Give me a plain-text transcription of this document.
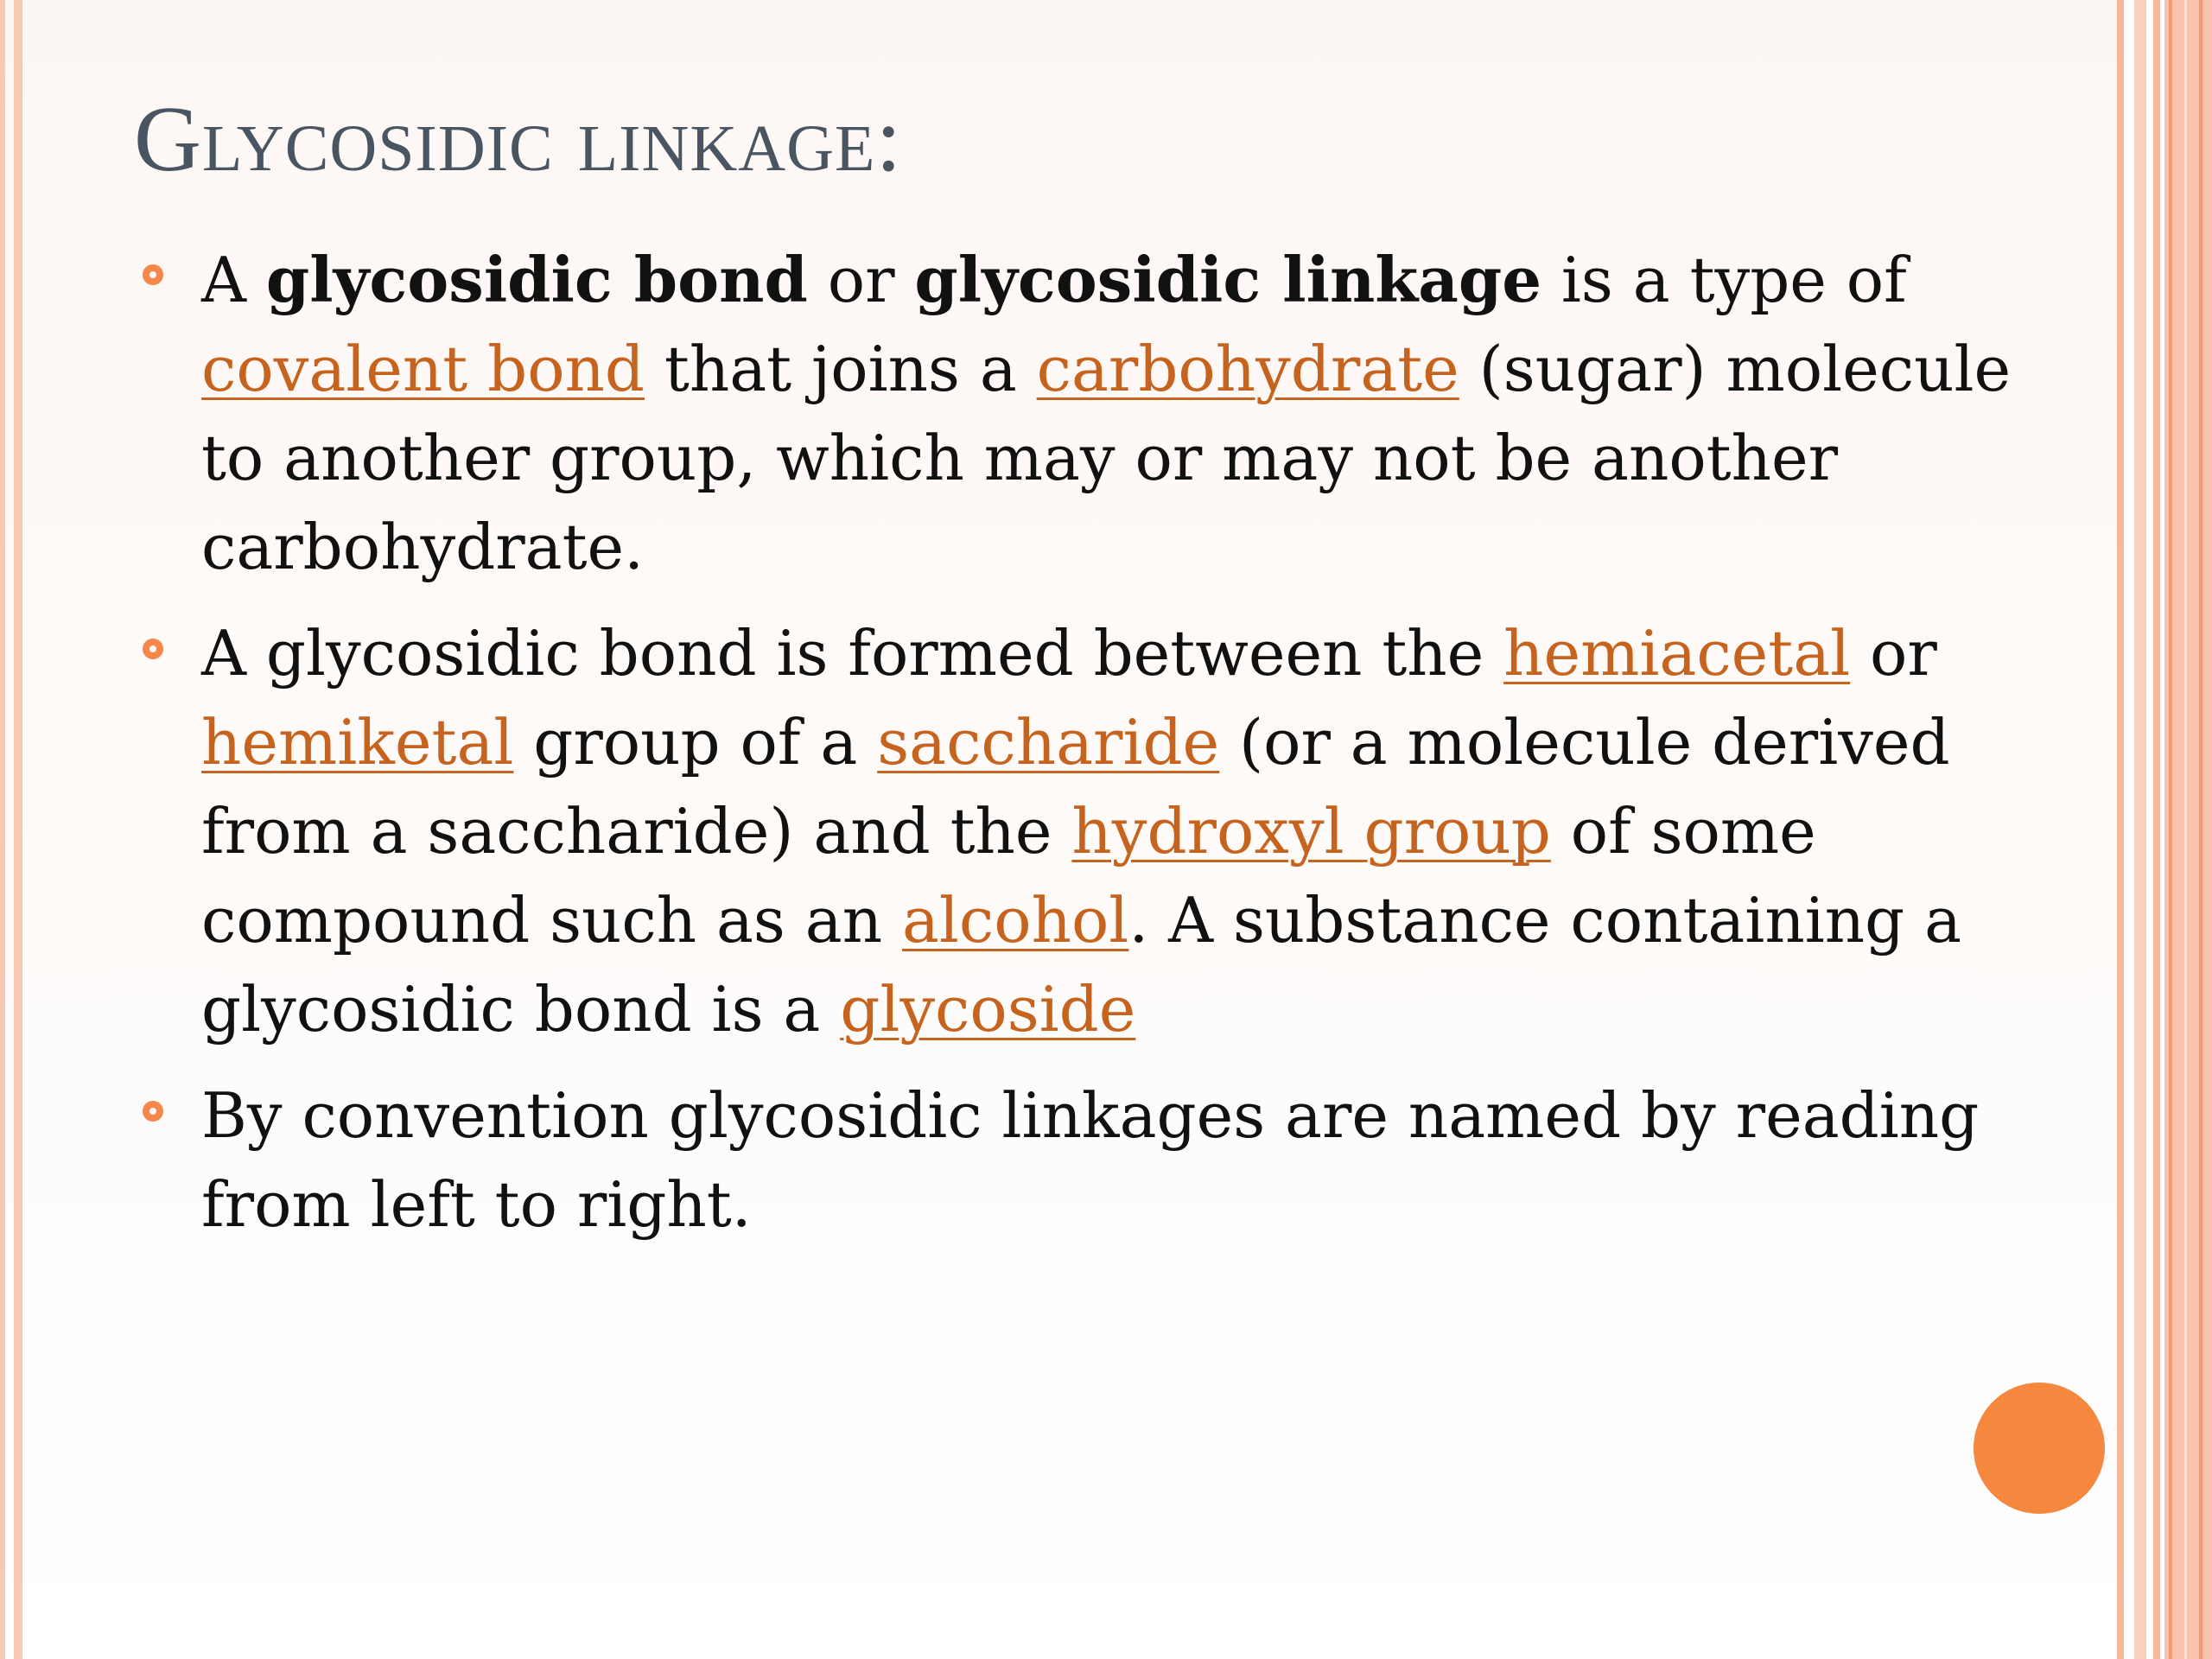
Glycosidic linkage:
A glycosidic bond or glycosidic linkage is a type of covalent bond that joins a carbohydrate (sugar) molecule to another group, which may or may not be another carbohydrate.
A glycosidic bond is formed between the hemiacetal or hemiketal group of a saccharide (or a molecule derived from a saccharide) and the hydroxyl group of some compound such as an alcohol. A substance containing a glycosidic bond is a glycoside
By convention glycosidic linkages are named by reading from left to right.
